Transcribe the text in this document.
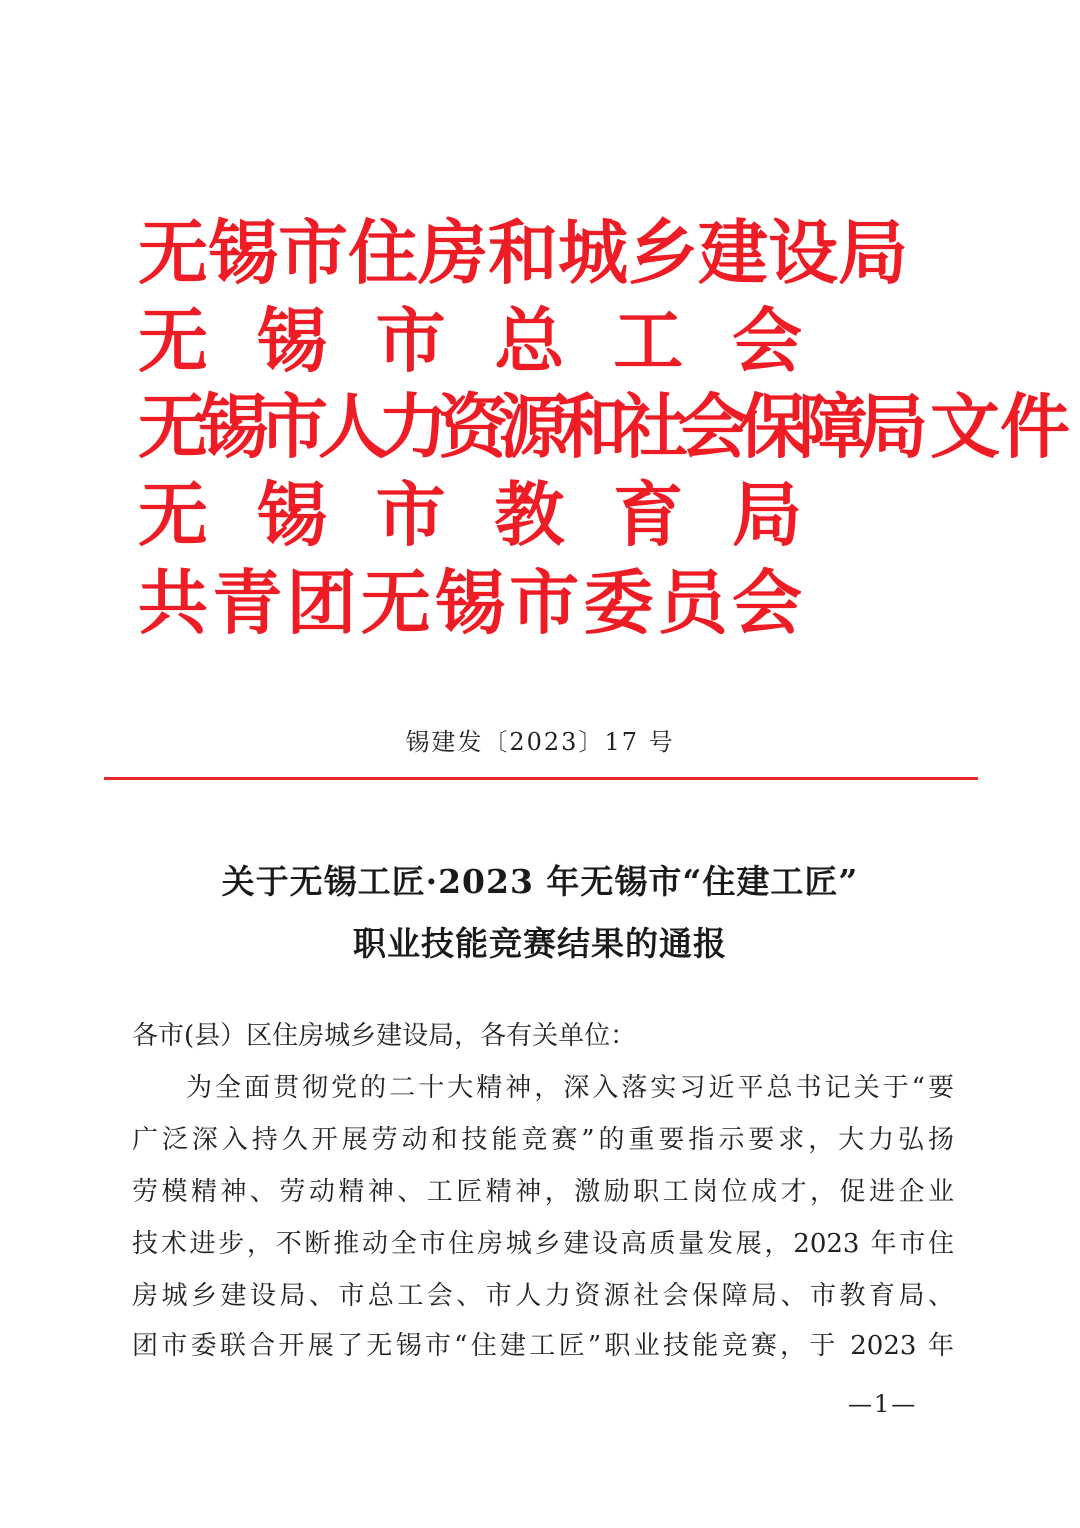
无锡市住房和城乡建设局
无 锡 市 总 工 会
无锡市人力资源和社会保障局 文件
无 锡 市 教 育 局
共 青 团 无 锡 市 委 员 会
锡建发〔2023〕17 号
关于无锡工匠·2023 年无锡市“住建工匠”
职业技能竞赛结果的通报
各市(县）区住房城乡建设局，各有关单位：
为全面贯彻党的二十大精神，深入落实习近平总书记关于“要
广泛深入持久开展劳动和技能竞赛”的重要指示要求，大力弘扬
劳模精神、劳动精神、工匠精神，激励职工岗位成才，促进企业
技术进步，不断推动全市住房城乡建设高质量发展，2023 年市住
房城乡建设局、市总工会、市人力资源社会保障局、市教育局、
团市委联合开展了无锡市“住建工匠”职业技能竞赛，于 2023 年
—1—
